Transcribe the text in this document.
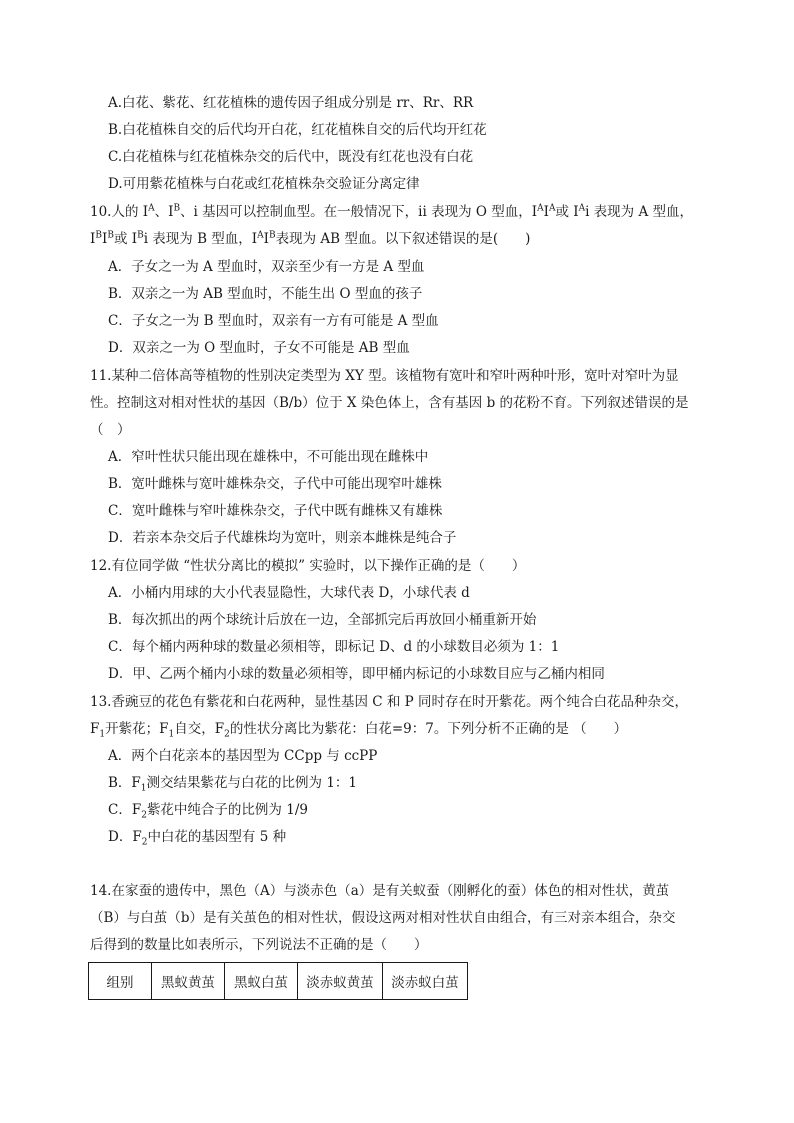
A.白花、紫花、红花植株的遗传因子组成分别是 rr、Rr、RR
B.白花植株自交的后代均开白花，红花植株自交的后代均开红花
C.白花植株与红花植株杂交的后代中，既没有红花也没有白花
D.可用紫花植株与白花或红花植株杂交验证分离定律
10.人的 $I^A$、$I^B$、i 基因可以控制血型。在一般情况下，ii 表现为 O 型血，$I^AI^A$或 $I^Ai$ 表现为 A 型血，
$I^BI^B$或 $I^Bi$ 表现为 B 型血，$I^AI^B$表现为 AB 型血。以下叙述错误的是(　　)
A．子女之一为 A 型血时，双亲至少有一方是 A 型血
B．双亲之一为 AB 型血时，不能生出 O 型血的孩子
C．子女之一为 B 型血时，双亲有一方有可能是 A 型血
D．双亲之一为 O 型血时，子女不可能是 AB 型血
11.某种二倍体高等植物的性别决定类型为 XY 型。该植物有宽叶和窄叶两种叶形，宽叶对窄叶为显
性。控制这对相对性状的基因（B/b）位于 X 染色体上，含有基因 b 的花粉不育。下列叙述错误的是
（　）
A．窄叶性状只能出现在雄株中，不可能出现在雌株中
B．宽叶雌株与宽叶雄株杂交，子代中可能出现窄叶雄株
C．宽叶雌株与窄叶雄株杂交，子代中既有雌株又有雄株
D．若亲本杂交后子代雄株均为宽叶，则亲本雌株是纯合子
12.有位同学做 “性状分离比的模拟” 实验时，以下操作正确的是（　　）
A．小桶内用球的大小代表显隐性，大球代表 D，小球代表 d
B．每次抓出的两个球统计后放在一边，全部抓完后再放回小桶重新开始
C．每个桶内两种球的数量必须相等，即标记 D、d 的小球数目必须为 1：1
D．甲、乙两个桶内小球的数量必须相等，即甲桶内标记的小球数目应与乙桶内相同
13.香豌豆的花色有紫花和白花两种，显性基因 C 和 P 同时存在时开紫花。两个纯合白花品种杂交，
$F_1$开紫花；$F_1$自交，$F_2$的性状分离比为紫花：白花=9：7。下列分析不正确的是 （　　）
A．两个白花亲本的基因型为 CCpp 与 ccPP
B．$F_1$测交结果紫花与白花的比例为 1：1
C．$F_2$紫花中纯合子的比例为 1/9
D．$F_2$中白花的基因型有 5 种
14.在家蚕的遗传中，黑色（A）与淡赤色（a）是有关蚁蚕（刚孵化的蚕）体色的相对性状，黄茧
（B）与白茧（b）是有关茧色的相对性状，假设这两对相对性状自由组合，有三对亲本组合，杂交
后得到的数量比如表所示，下列说法不正确的是（　　）
组别	黑蚁黄茧	黑蚁白茧	淡赤蚁黄茧	淡赤蚁白茧
